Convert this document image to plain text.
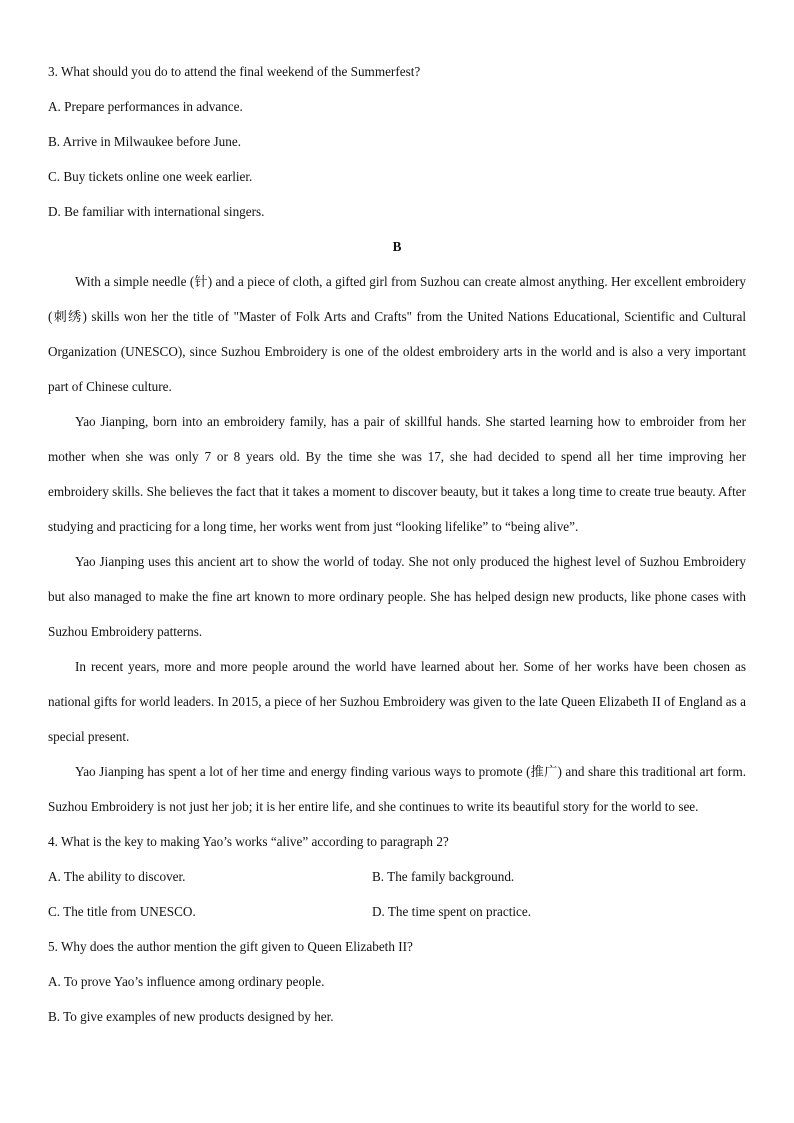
3. What should you do to attend the final weekend of the Summerfest?

A. Prepare performances in advance.

B. Arrive in Milwaukee before June.

C. Buy tickets online one week earlier.

D. Be familiar with international singers.

B

With a simple needle (针) and a piece of cloth, a gifted girl from Suzhou can create almost anything. Her excellent embroidery (刺绣) skills won her the title of "Master of Folk Arts and Crafts" from the United Nations Educational, Scientific and Cultural Organization (UNESCO), since Suzhou Embroidery is one of the oldest embroidery arts in the world and is also a very important part of Chinese culture.

Yao Jianping, born into an embroidery family, has a pair of skillful hands. She started learning how to embroider from her mother when she was only 7 or 8 years old. By the time she was 17, she had decided to spend all her time improving her embroidery skills. She believes the fact that it takes a moment to discover beauty, but it takes a long time to create true beauty. After studying and practicing for a long time, her works went from just “looking lifelike” to “being alive”.

Yao Jianping uses this ancient art to show the world of today. She not only produced the highest level of Suzhou Embroidery but also managed to make the fine art known to more ordinary people. She has helped design new products, like phone cases with Suzhou Embroidery patterns.

In recent years, more and more people around the world have learned about her. Some of her works have been chosen as national gifts for world leaders. In 2015, a piece of her Suzhou Embroidery was given to the late Queen Elizabeth II of England as a special present.

Yao Jianping has spent a lot of her time and energy finding various ways to promote (推广) and share this traditional art form. Suzhou Embroidery is not just her job; it is her entire life, and she continues to write its beautiful story for the world to see.

4. What is the key to making Yao’s works “alive” according to paragraph 2?

A. The ability to discover.	B. The family background.
C. The title from UNESCO.	D. The time spent on practice.

5. Why does the author mention the gift given to Queen Elizabeth II?

A. To prove Yao’s influence among ordinary people.

B. To give examples of new products designed by her.
